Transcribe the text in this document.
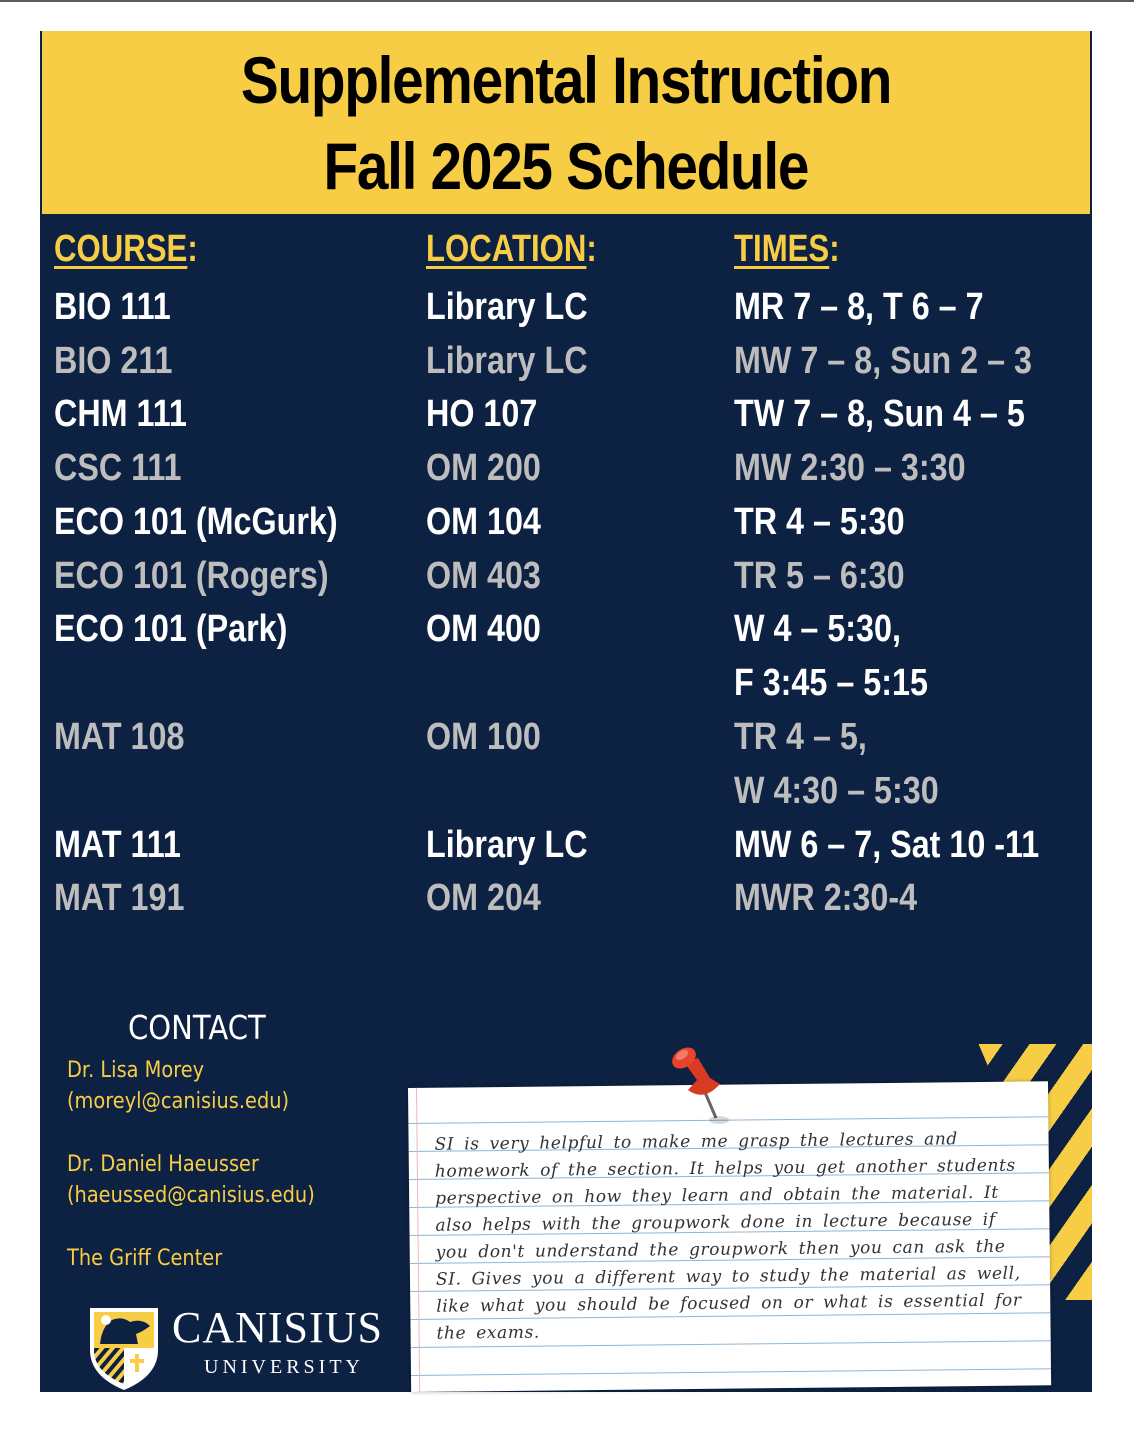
Supplemental Instruction
Fall 2025 Schedule
COURSE:	LOCATION:	TIMES:
BIO 111	Library LC	MR 7 – 8, T 6 – 7
BIO 211	Library LC	MW 7 – 8, Sun 2 – 3
CHM 111	HO 107	TW 7 – 8, Sun 4 – 5
CSC 111	OM 200	MW 2:30 – 3:30
ECO 101 (McGurk) OM 104	TR 4 – 5:30
ECO 101 (Rogers)	OM 403	TR 5 – 6:30
ECO 101 (Park)	OM 400	W 4 – 5:30,
F 3:45 – 5:15
MAT 108	OM 100	TR 4 – 5,
W 4:30 – 5:30
MAT 111	Library LC	MW 6 – 7, Sat 10 -11
MAT 191	OM 204	MWR 2:30-4
CONTACT
Dr. Lisa Morey
(moreyl@canisius.edu)
Dr. Daniel Haeusser
(haeussed@canisius.edu)
The Griff Center
SI is very helpful to make me grasp the lectures and homework of the section. It helps you get another students perspective on how they learn and obtain the material. It also helps with the groupwork done in lecture because if you don't understand the groupwork then you can ask the SI. Gives you a different way to study the material as well, like what you should be focused on or what is essential for the exams.
CANISIUS
UNIVERSITY
